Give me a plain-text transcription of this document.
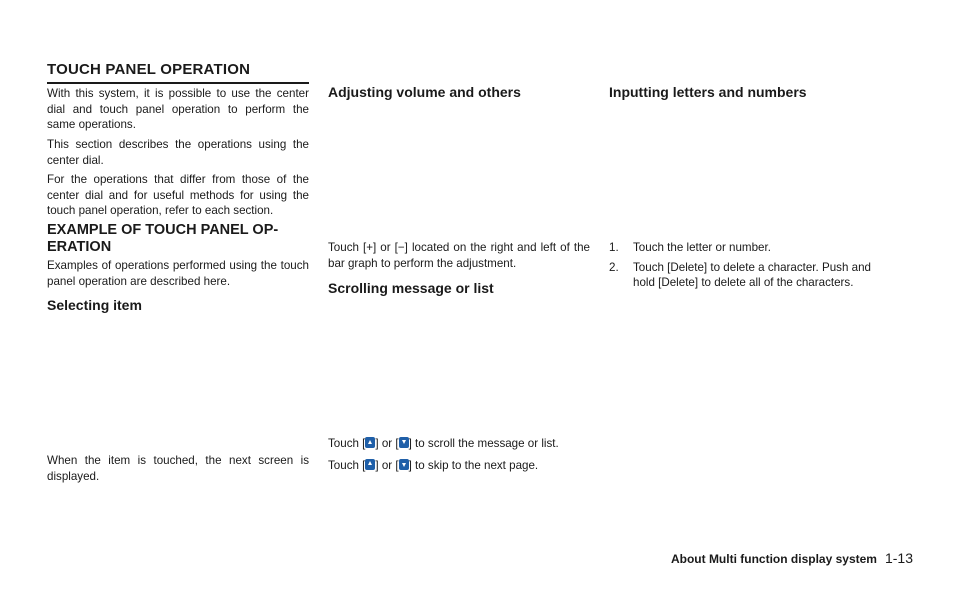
TOUCH PANEL OPERATION

With this system, it is possible to use the center dial and touch panel operation to perform the same operations.

This section describes the operations using the center dial.

For the operations that differ from those of the center dial and for useful methods for using the touch panel operation, refer to each section.

EXAMPLE OF TOUCH PANEL OP-ERATION

Examples of operations performed using the touch panel operation are described here.

Selecting item

When the item is touched, the next screen is displayed.

Adjusting volume and others

Touch [+] or [−] located on the right and left of the bar graph to perform the adjustment.

Scrolling message or list

Touch [ ] or [ ] to scroll the message or list.

Touch [ ] or [ ] to skip to the next page.

Inputting letters and numbers
1.	Touch the letter or number.
2.	Touch [Delete] to delete a character. Push and hold [Delete] to delete all of the characters.
About Multi function display system 1-13
